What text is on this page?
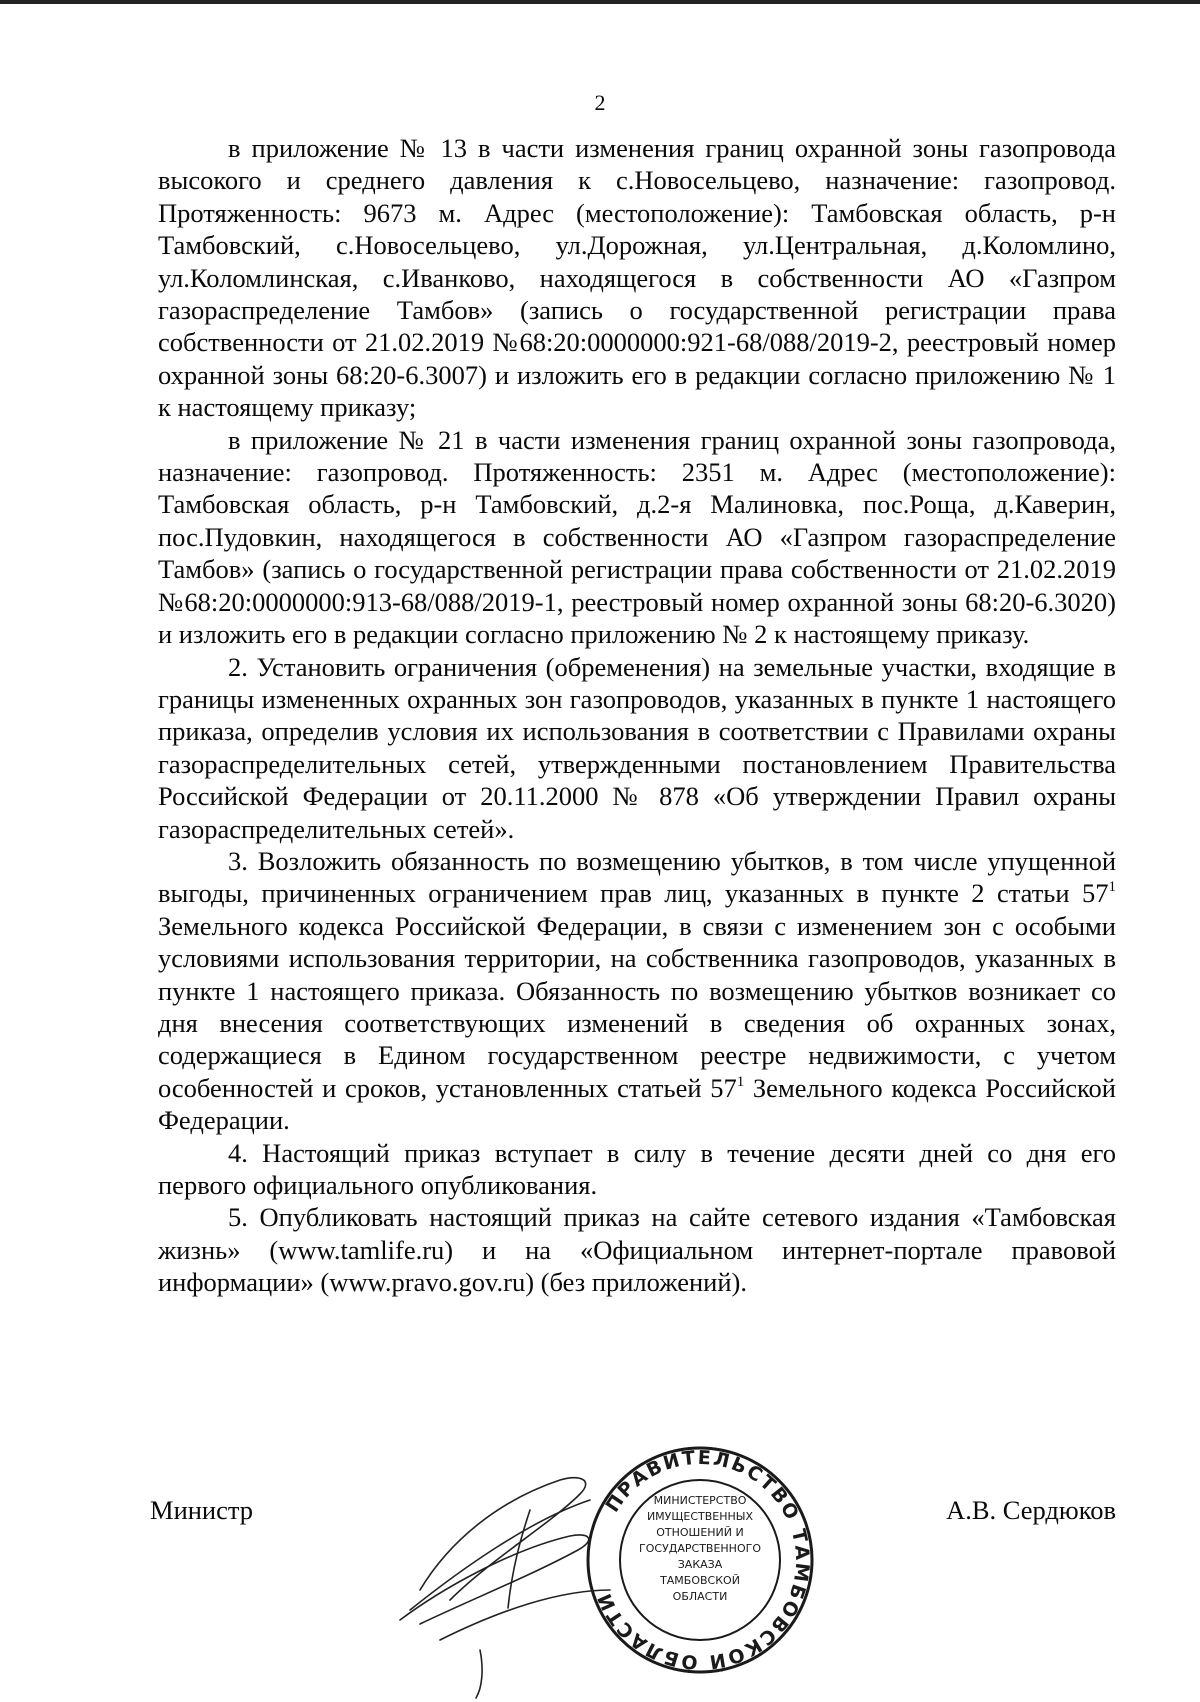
2

в приложение № 13 в части изменения границ охранной зоны газопровода высокого и среднего давления к с.Новосельцево, назначение: газопровод. Протяженность: 9673 м. Адрес (местоположение): Тамбовская область, р-н Тамбовский, с.Новосельцево, ул.Дорожная, ул.Центральная, д.Коломлино, ул.Коломлинская, с.Иванково, находящегося в собственности АО «Газпром газораспределение Тамбов» (запись о государственной регистрации права собственности от 21.02.2019 №68:20:0000000:921-68/088/2019-2, реестровый номер охранной зоны 68:20-6.3007) и изложить его в редакции согласно приложению № 1 к настоящему приказу;

в приложение № 21 в части изменения границ охранной зоны газопровода, назначение: газопровод. Протяженность: 2351 м. Адрес (местоположение): Тамбовская область, р-н Тамбовский, д.2-я Малиновка, пос.Роща, д.Каверин, пос.Пудовкин, находящегося в собственности АО «Газпром газораспределение Тамбов» (запись о государственной регистрации права собственности от 21.02.2019 №68:20:0000000:913-68/088/2019-1, реестровый номер охранной зоны 68:20-6.3020) и изложить его в редакции согласно приложению № 2 к настоящему приказу.

2. Установить ограничения (обременения) на земельные участки, входящие в границы измененных охранных зон газопроводов, указанных в пункте 1 настоящего приказа, определив условия их использования в соответствии с Правилами охраны газораспределительных сетей, утвержденными постановлением Правительства Российской Федерации от 20.11.2000 № 878 «Об утверждении Правил охраны газораспределительных сетей».

3. Возложить обязанность по возмещению убытков, в том числе упущенной выгоды, причиненных ограничением прав лиц, указанных в пункте 2 статьи $57^1$ Земельного кодекса Российской Федерации, в связи с изменением зон с особыми условиями использования территории, на собственника газопроводов, указанных в пункте 1 настоящего приказа. Обязанность по возмещению убытков возникает со дня внесения соответствующих изменений в сведения об охранных зонах, содержащиеся в Едином государственном реестре недвижимости, с учетом особенностей и сроков, установленных статьей $57^1$ Земельного кодекса Российской Федерации.

4. Настоящий приказ вступает в силу в течение десяти дней со дня его первого официального опубликования.

5. Опубликовать настоящий приказ на сайте сетевого издания «Тамбовская жизнь» (www.tamlife.ru) и на «Официальном интернет-портале правовой информации» (www.pravo.gov.ru) (без приложений).

Министр	А.В. Сердюков
ПРАВИТЕЛЬСТВО ТАМБОВСКОЙ ОБЛАСТИ
МИНИСТЕРСТВО
ИМУЩЕСТВЕННЫХ
ОТНОШЕНИЙ И
ГОСУДАРСТВЕННОГО
ЗАКАЗА
ТАМБОВСКОЙ
ОБЛАСТИ
